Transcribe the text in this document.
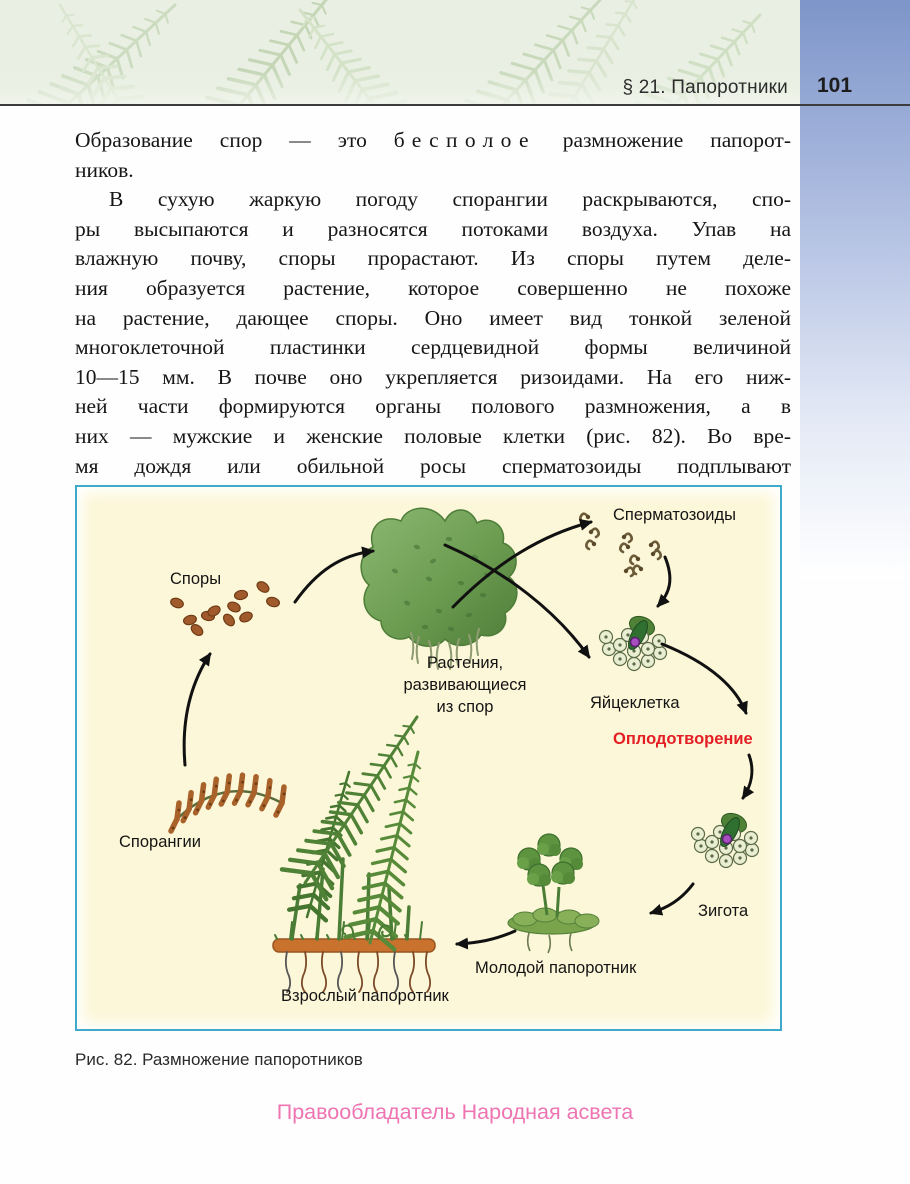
§ 21. Папоротники 101
Образование спор — это бесполое размножение папорот-
ников.
В сухую жаркую погоду спорангии раскрываются, спо-
ры высыпаются и разносятся потоками воздуха. Упав на
влажную почву, споры прорастают. Из споры путем деле-
ния образуется растение, которое совершенно не похоже
на растение, дающее споры. Оно имеет вид тонкой зеленой
многоклеточной пластинки сердцевидной формы величиной
10—15 мм. В почве оно укрепляется ризоидами. На его ниж-
ней части формируются органы полового размножения, а в
них — мужские и женские половые клетки (рис. 82). Во вре-
мя дождя или обильной росы сперматозоиды подплывают
Споры
Сперматозоиды
Растения,
развивающиеся
из спор	Яйцеклетка
Оплодотворение
Зигота
Молодой папоротник
Взрослый папоротник
Спорангии
Рис. 82. Размножение папоротников
Правообладатель Народная асвета
